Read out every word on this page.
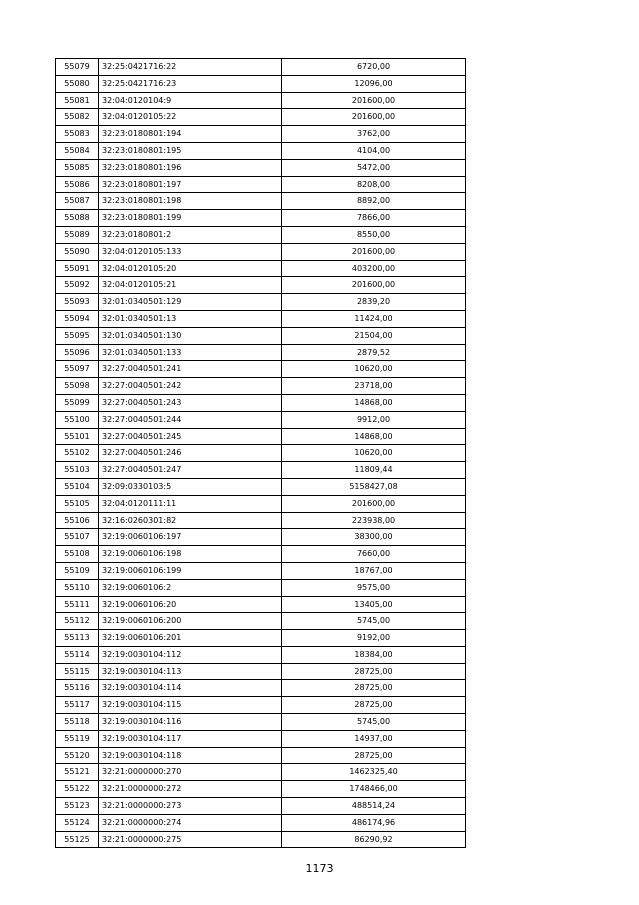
55079	32:25:0421716:22	6720,00
55080	32:25:0421716:23	12096,00
55081	32:04:0120104:9	201600,00
55082	32:04:0120105:22	201600,00
55083	32:23:0180801:194	3762,00
55084	32:23:0180801:195	4104,00
55085	32:23:0180801:196	5472,00
55086	32:23:0180801:197	8208,00
55087	32:23:0180801:198	8892,00
55088	32:23:0180801:199	7866,00
55089	32:23:0180801:2	8550,00
55090	32:04:0120105:133	201600,00
55091	32:04:0120105:20	403200,00
55092	32:04:0120105:21	201600,00
55093	32:01:0340501:129	2839,20
55094	32:01:0340501:13	11424,00
55095	32:01:0340501:130	21504,00
55096	32:01:0340501:133	2879,52
55097	32:27:0040501:241	10620,00
55098	32:27:0040501:242	23718,00
55099	32:27:0040501:243	14868,00
55100	32:27:0040501:244	9912,00
55101	32:27:0040501:245	14868,00
55102	32:27:0040501:246	10620,00
55103	32:27:0040501:247	11809,44
55104	32:09:0330103:5	5158427,08
55105	32:04:0120111:11	201600,00
55106	32:16:0260301:82	223938,00
55107	32:19:0060106:197	38300,00
55108	32:19:0060106:198	7660,00
55109	32:19:0060106:199	18767,00
55110	32:19:0060106:2	9575,00
55111	32:19:0060106:20	13405,00
55112	32:19:0060106:200	5745,00
55113	32:19:0060106:201	9192,00
55114	32:19:0030104:112	18384,00
55115	32:19:0030104:113	28725,00
55116	32:19:0030104:114	28725,00
55117	32:19:0030104:115	28725,00
55118	32:19:0030104:116	5745,00
55119	32:19:0030104:117	14937,00
55120	32:19:0030104:118	28725,00
55121	32:21:0000000:270	1462325,40
55122	32:21:0000000:272	1748466,00
55123	32:21:0000000:273	488514,24
55124	32:21:0000000:274	486174,96
55125	32:21:0000000:275	86290,92
1173
